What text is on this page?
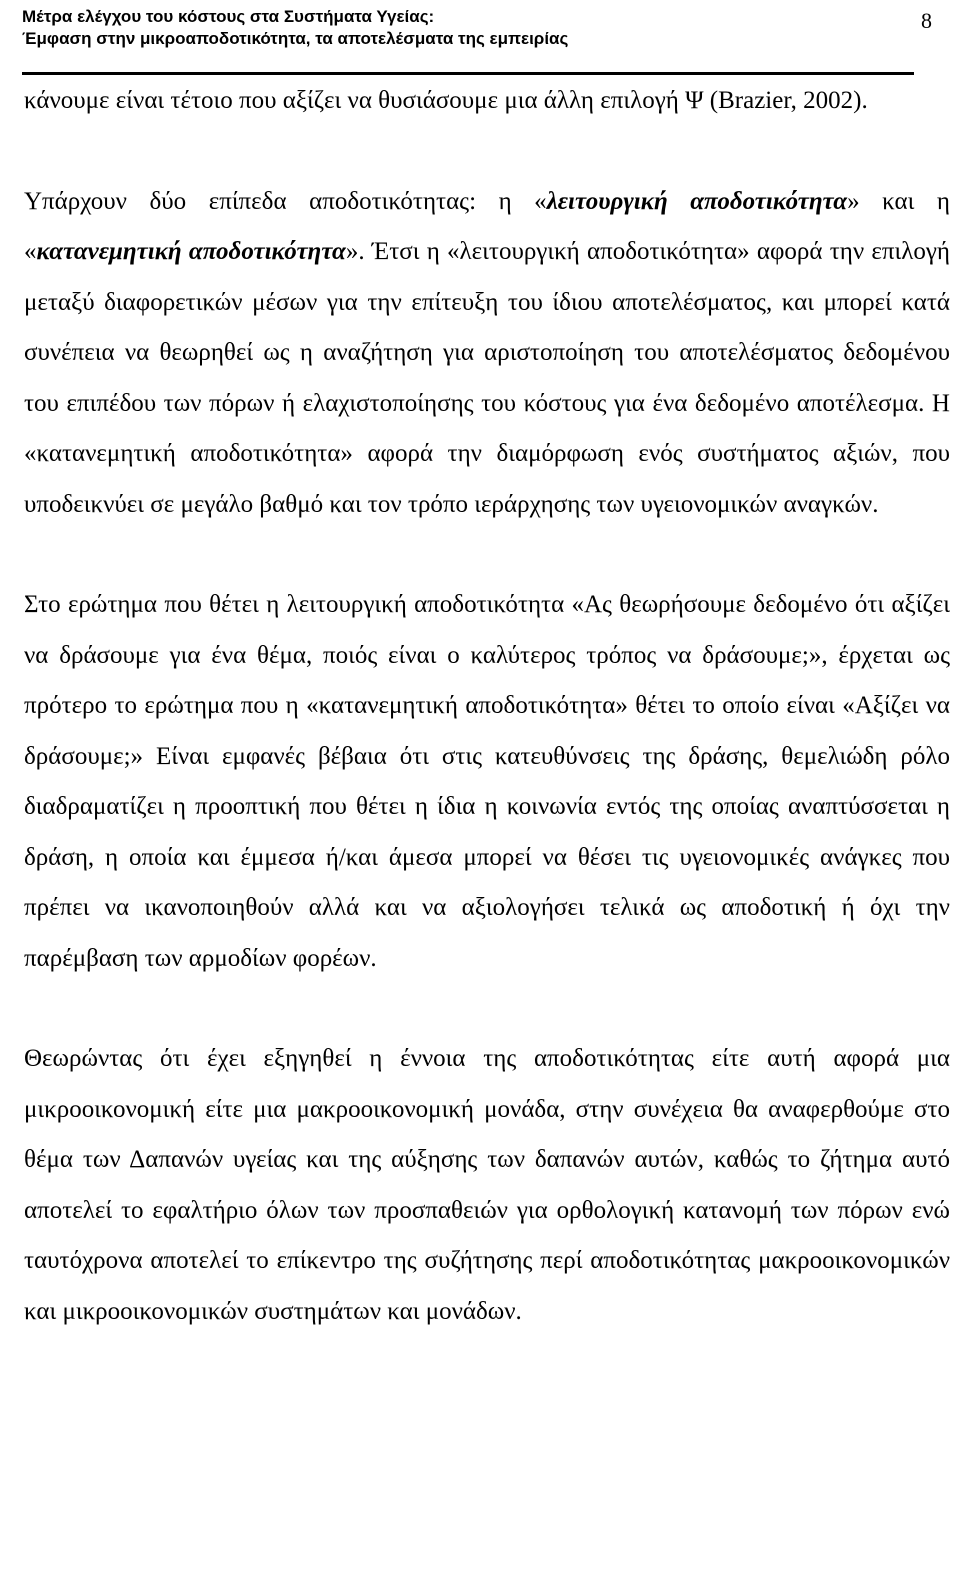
Μέτρα ελέγχου του κόστους στα Συστήματα Υγείας:

Έμφαση στην μικροαποδοτικότητα, τα αποτελέσματα της εμπειρίας

8

κάνουμε είναι τέτοιο που αξίζει να θυσιάσουμε μια άλλη επιλογή Ψ (Brazier, 2002).

Υπάρχουν δύο επίπεδα αποδοτικότητας: η «λειτουργική αποδοτικότητα» και η «κατανεμητική αποδοτικότητα». Έτσι η «λειτουργική αποδοτικότητα» αφορά την επιλογή μεταξύ διαφορετικών μέσων για την επίτευξη του ίδιου αποτελέσματος, και μπορεί κατά συνέπεια να θεωρηθεί ως η αναζήτηση για αριστοποίηση του αποτελέσματος δεδομένου του επιπέδου των πόρων ή ελαχιστοποίησης του κόστους για ένα δεδομένο αποτέλεσμα. Η «κατανεμητική αποδοτικότητα» αφορά την διαμόρφωση ενός συστήματος αξιών, που υποδεικνύει σε μεγάλο βαθμό και τον τρόπο ιεράρχησης των υγειονομικών αναγκών.

Στο ερώτημα που θέτει η λειτουργική αποδοτικότητα «Ας θεωρήσουμε δεδομένο ότι αξίζει να δράσουμε για ένα θέμα, ποιός είναι ο καλύτερος τρόπος να δράσουμε;», έρχεται ως πρότερο το ερώτημα που η «κατανεμητική αποδοτικότητα» θέτει το οποίο είναι «Αξίζει να δράσουμε;» Είναι εμφανές βέβαια ότι στις κατευθύνσεις της δράσης, θεμελιώδη ρόλο διαδραματίζει η προοπτική που θέτει η ίδια η κοινωνία εντός της οποίας αναπτύσσεται η δράση, η οποία και έμμεσα ή/και άμεσα μπορεί να θέσει τις υγειονομικές ανάγκες που πρέπει να ικανοποιηθούν αλλά και να αξιολογήσει τελικά ως αποδοτική ή όχι την παρέμβαση των αρμοδίων φορέων.

Θεωρώντας ότι έχει εξηγηθεί η έννοια της αποδοτικότητας είτε αυτή αφορά μια μικροοικονομική είτε μια μακροοικονομική μονάδα, στην συνέχεια θα αναφερθούμε στο θέμα των Δαπανών υγείας και της αύξησης των δαπανών αυτών, καθώς το ζήτημα αυτό αποτελεί το εφαλτήριο όλων των προσπαθειών για ορθολογική κατανομή των πόρων ενώ ταυτόχρονα αποτελεί το επίκεντρο της συζήτησης περί αποδοτικότητας μακροοικονομικών και μικροοικονομικών συστημάτων και μονάδων.
